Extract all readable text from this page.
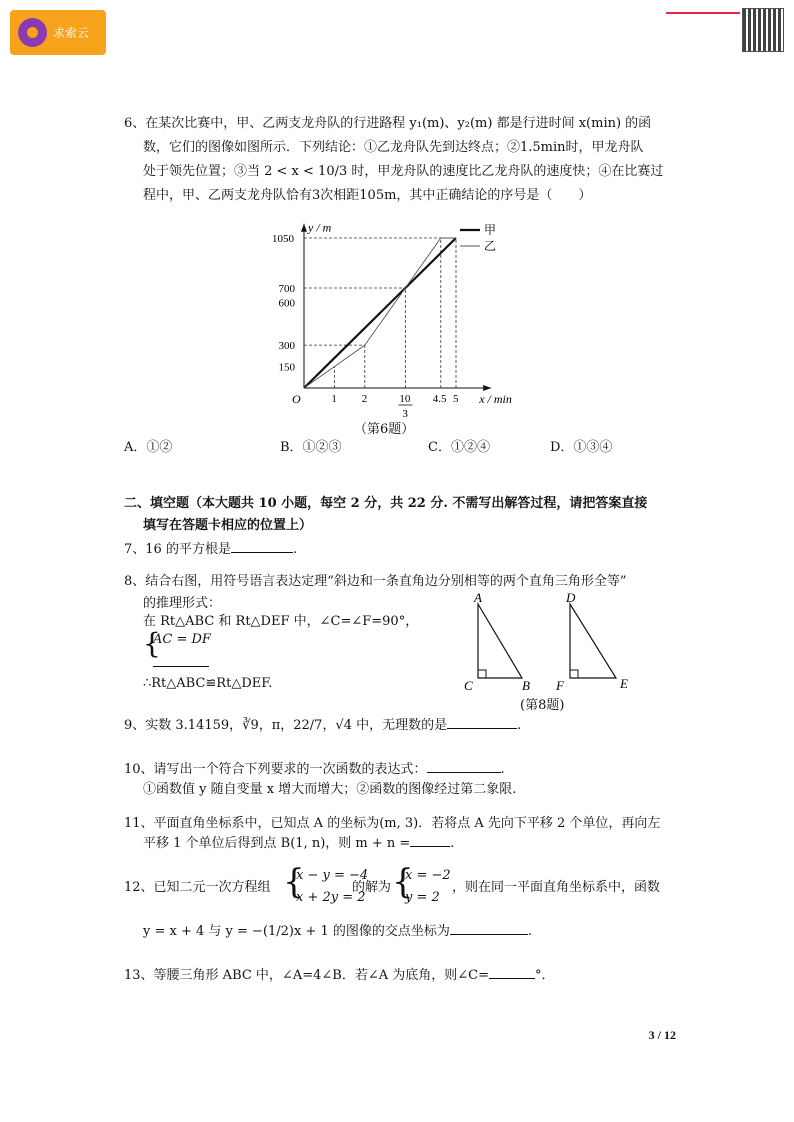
求索云
6、在某次比赛中，甲、乙两支龙舟队的行进路程 y₁(m)、y₂(m) 都是行进时间 x(min) 的函
数，它们的图像如图所示．下列结论：①乙龙舟队先到达终点；②1.5min时，甲龙舟队
处于领先位置；③当 2 < x < 10/3 时，甲龙舟队的速度比乙龙舟队的速度快；④在比赛过
程中，甲、乙两支龙舟队恰有3次相距105m，其中正确结论的序号是（　　）
x / min
y / m
O	1 2	10
3
4.5 5
150
300
600
700
1050
甲
乙
（第6题）
A．①②	B．①②③	C．①②④	D．①③④
二、填空题（本大题共 10 小题，每空 2 分，共 22 分. 不需写出解答过程，请把答案直接
填写在答题卡相应的位置上）
7、16 的平方根是	.
8、结合右图，用符号语言表达定理“斜边和一条直角边分别相等的两个直角三角形全等”
的推理形式：
在 Rt△ABC 和 Rt△DEF 中，∠C=∠F=90°，
{
AC = DF
∴Rt△ABC≌Rt△DEF.
A
C	B
D
F	E
(第8题)
9、实数 3.14159，∛9，π，22/7，√4 中，无理数的是	.
10、请写出一个符合下列要求的一次函数的表达式：	.
①函数值 y 随自变量 x 增大而增大；②函数的图像经过第二象限.
11、平面直角坐标系中，已知点 A 的坐标为(m, 3)．若将点 A 先向下平移 2 个单位，再向左
平移 1 个单位后得到点 B(1, n)，则 m + n =	.
12、已知二元一次方程组 {
x − y = −4
x + 2y = 2
的解为 {
x = −2
y = 2
，则在同一平面直角坐标系中，函数
y = x + 4 与 y = −(1/2)x + 1 的图像的交点坐标为	.
13、等腰三角形 ABC 中，∠A=4∠B．若∠A 为底角，则∠C=	°．
3 / 12
